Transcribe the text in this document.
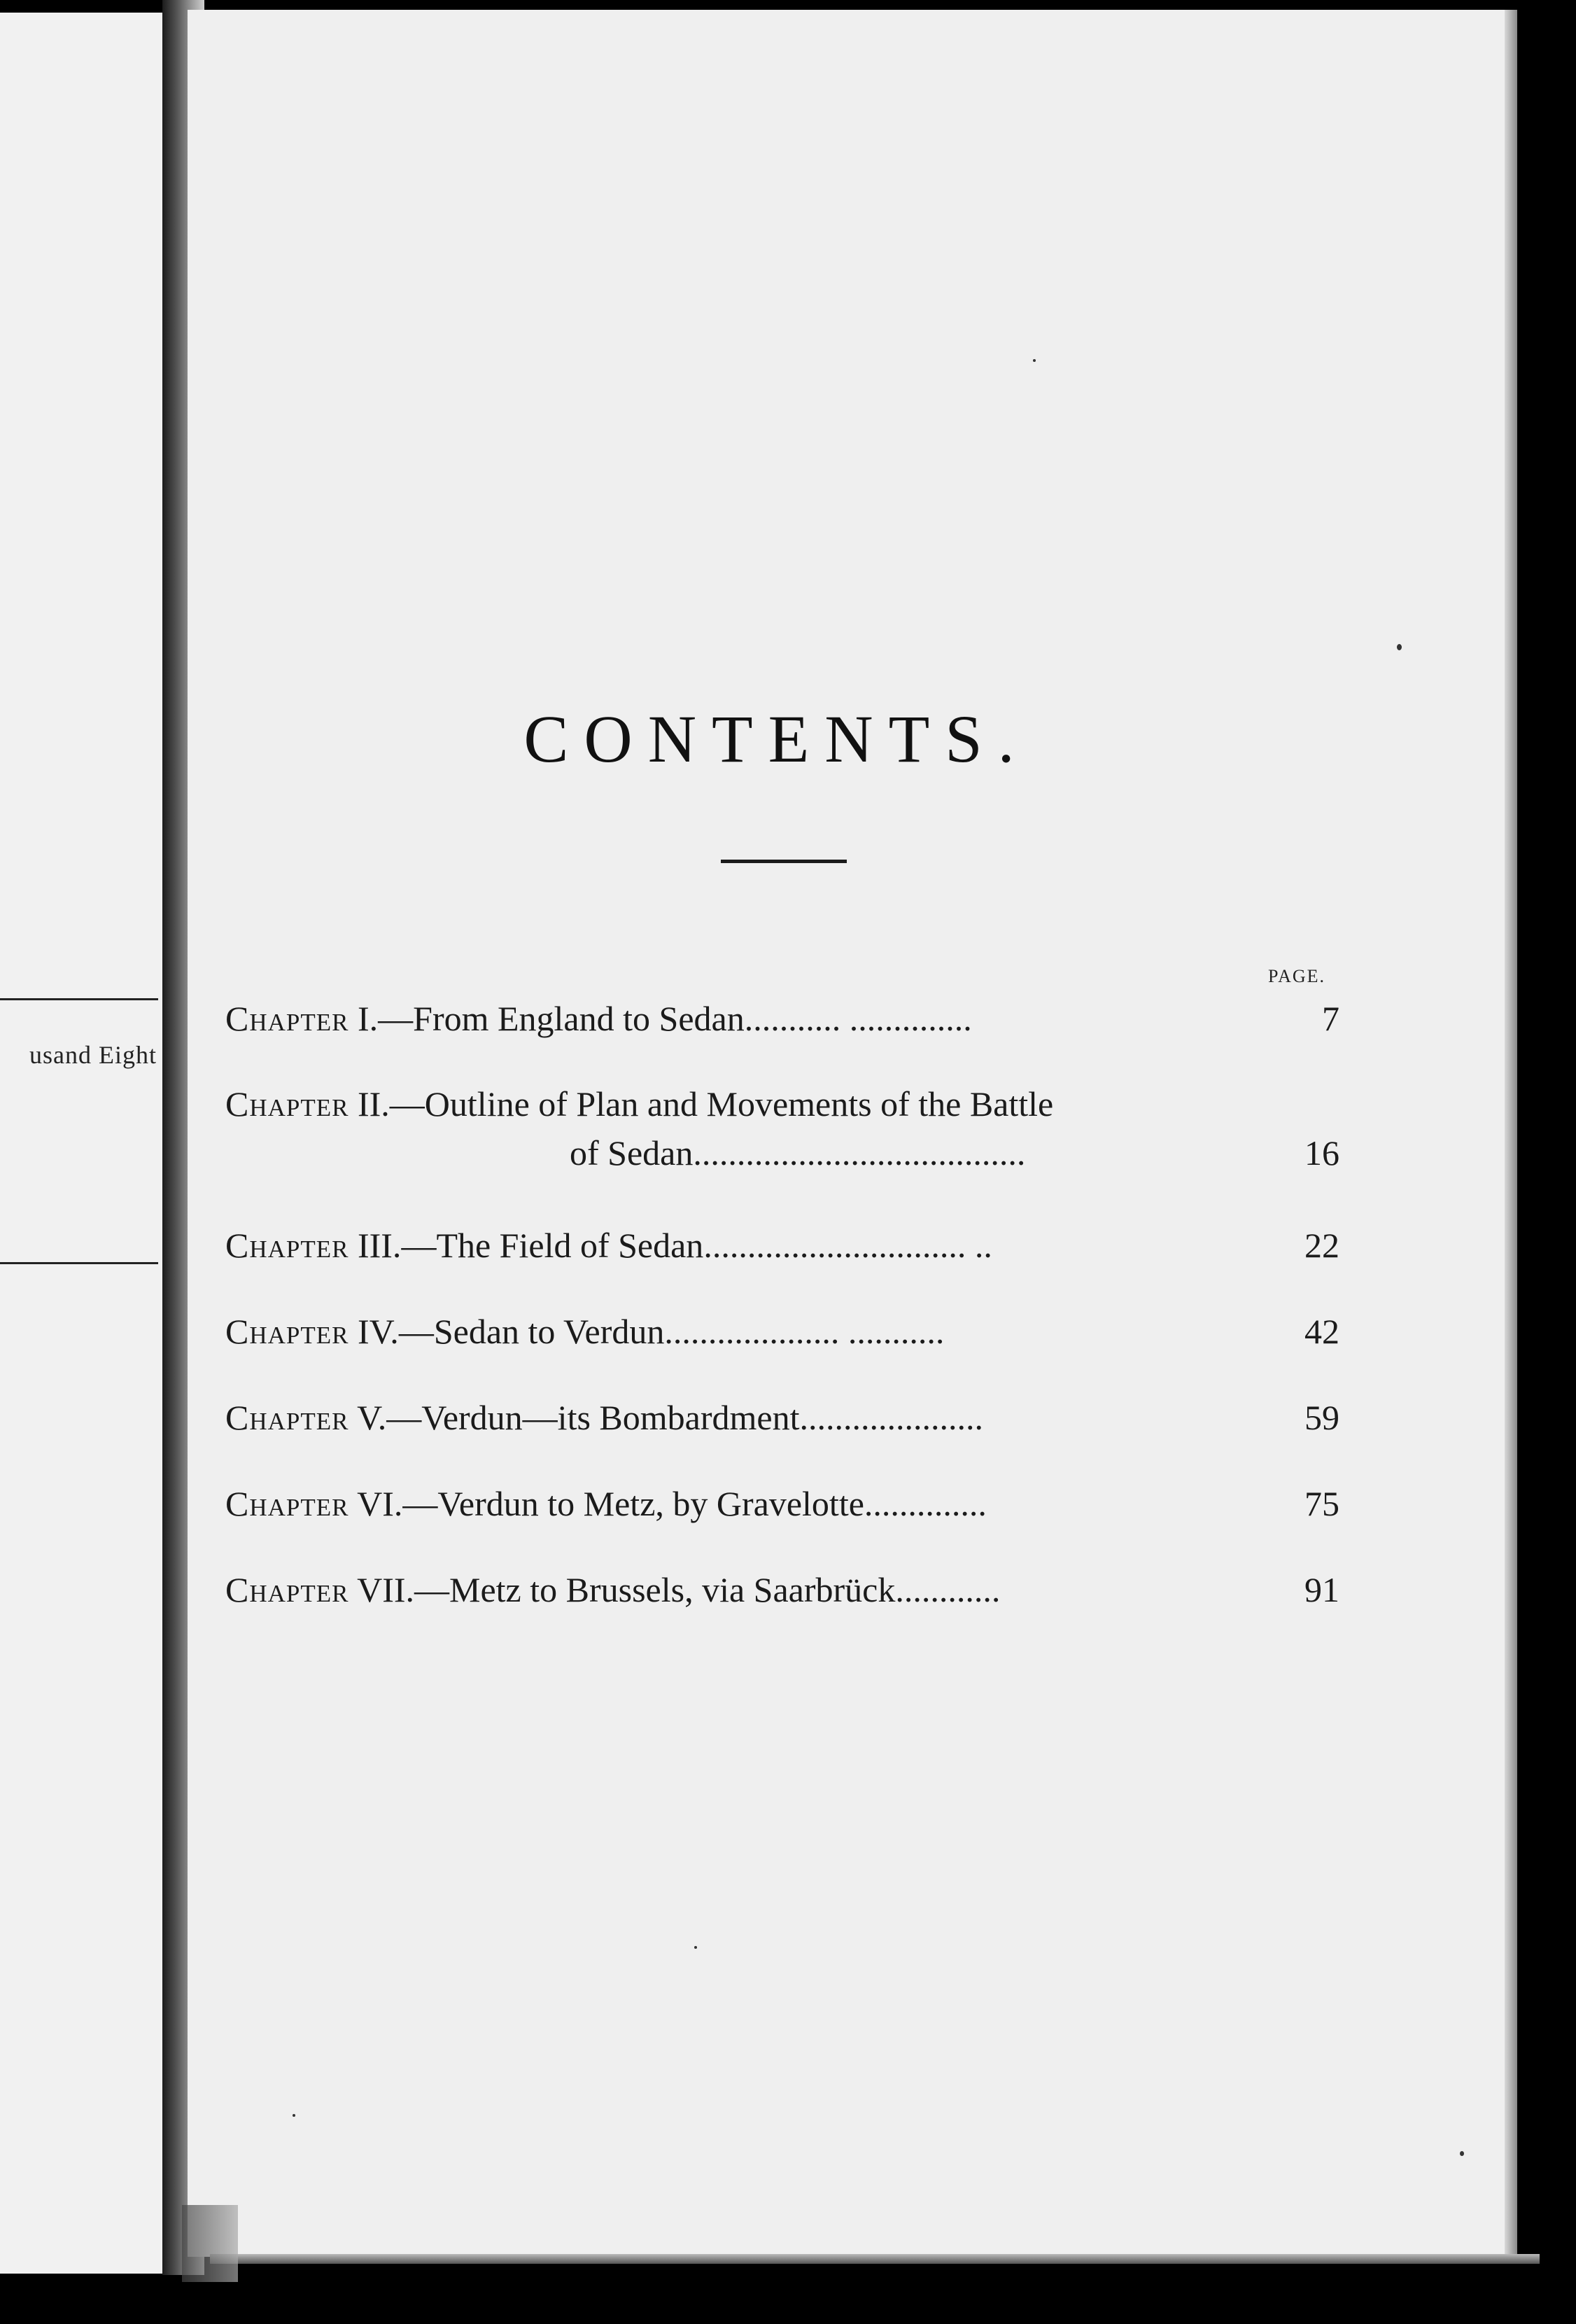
usand Eight
CONTENTS.
PAGE.
Chapter I.—From England to Sedan........... ..............	7
Chapter II.—Outline of Plan and Movements of the Battle
of Sedan......................................	16
Chapter III.—The Field of Sedan.............................. ..	22
Chapter IV.—Sedan to Verdun.................... ...........	42
Chapter V.—Verdun—its Bombardment.....................	59
Chapter VI.—Verdun to Metz, by Gravelotte..............	75
Chapter VII.—Metz to Brussels, via Saarbrück............	91
